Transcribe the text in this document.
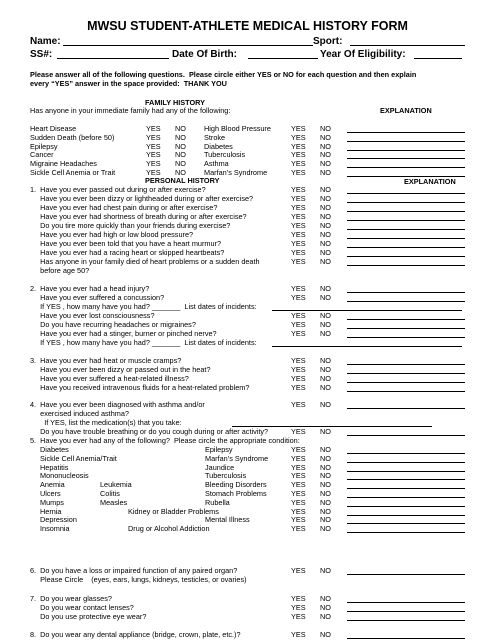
MWSU STUDENT-ATHLETE MEDICAL HISTORY FORM
Name:	Sport:
SS#:	Date Of Birth:	Year Of Eligibility:
Please answer all of the following questions.  Please circle either YES or NO for each question and then explain
every “YES” answer in the space provided:  THANK YOU
FAMILY HISTORY
Has anyone in your immediate family had any of the following:	EXPLANATION
Heart Disease	YES NO High Blood Pressure	YES NO
Sudden Death (before 50)	YES NO Stroke	YES NO
Epilepsy	YES NO Diabetes	YES NO
Cancer	YES NO Tuberculosis	YES NO
Migraine Headaches	YES NO Asthma	YES NO
Sickle Cell Anemia or Trait	YES NO Marfan’s Syndrome	YES NO
PERSONAL HISTORY	EXPLANATION
1.  Have you ever passed out during or after exercise?	YES NO
Have you ever been dizzy or lightheaded during or after exercise?	YES NO
Have you ever had chest pain during or after exercise?	YES NO
Have you ever had shortness of breath during or after exercise?	YES NO
Do you tire more quickly than your friends during exercise?	YES NO
Have you ever had high or low blood pressure?	YES NO
Have you ever been told that you have a heart murmur?	YES NO
Have you ever had a racing heart or skipped heartbeats?	YES NO
Has anyone in your family died of heart problems or a sudden death	YES NO
before age 50?
2.  Have you ever had a head injury?	YES NO
Have you ever suffered a concussion?	YES NO
If YES , how many have you had? _______  List dates of incidents:
Have you ever lost consciousness?	YES NO
Do you have recurring headaches or migraines?	YES NO
Have you ever had a stinger, burner or pinched nerve?	YES NO
If YES , how many have you had? _______  List dates of incidents:
3.  Have you ever had heat or muscle cramps?	YES NO
Have you ever been dizzy or passed out in the heat?	YES NO
Have you ever suffered a heat-related illness?	YES NO
Have you received intravenous fluids for a heat-related problem?	YES NO
4.  Have you ever been diagnosed with asthma and/or	YES NO
exercised induced asthma?
If YES, list the medication(s) that you take:
Do you have trouble breathing or do you cough during or after activity?	YES NO
5.  Have you ever had any of the following?  Please circle the appropriate condition:
6.  Do you have a loss or impaired function of any paired organ?	YES NO
Please Circle    (eyes, ears, lungs, kidneys, testicles, or ovaries)
7.  Do you wear glasses?	YES NO
Do you wear contact lenses?	YES NO
Do you use protective eye wear?	YES NO
8.  Do you wear any dental appliance (bridge, crown, plate, etc.)?	YES NO
Diabetes	Epilepsy	YES NO
Sickle Cell Anemia/Trait	Marfan’s Syndrome	YES NO
Hepatitis	Jaundice	YES NO
Mononucleosis	Tuberculosis	YES NO
Anemia	Leukemia	Bleeding Disorders	YES NO
Ulcers	Colitis	Stomach Problems	YES NO
Mumps	Measles	Rubella	YES NO
Hernia	Kidney or Bladder Problems	YES NO
Depression	Mental Illness	YES NO
Insomnia	Drug or Alcohol Addiction	YES NO
